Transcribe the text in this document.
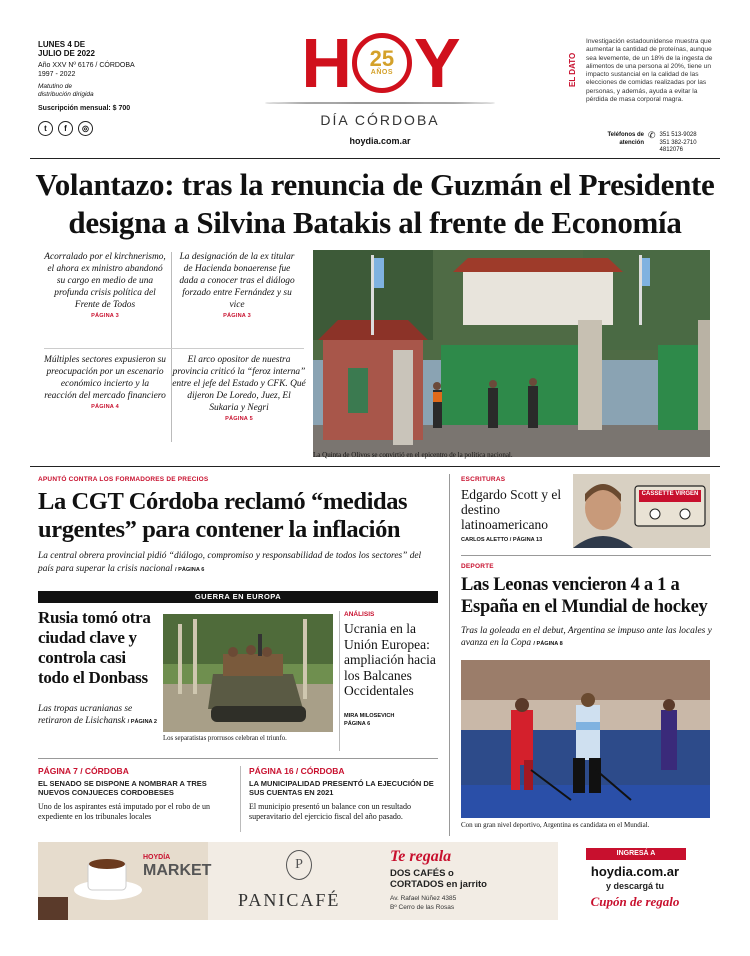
LUNES 4 DE
JULIO DE 2022
Año XXV Nº 6176 / CÓRDOBA
1997 - 2022
Matutino de
distribución dirigida
Suscripción mensual: $ 700
t	f	◎
H 25
AÑOS Y
DÍA CÓRDOBA
hoydia.com.ar
EL DATO
Investigación estadounidense muestra que aumentar la cantidad de proteínas, aunque sea levemente, de un 18% de la ingesta de alimentos de una persona al 20%, tiene un impacto sustancial en la calidad de las elecciones de comidas realizadas por las personas, y además, ayuda a evitar la pérdida de masa corporal magra.
Teléfonos de atención
✆ 351 513-9028
351 382-2710
4812076
Volantazo: tras la renuncia de Guzmán el Presidente
designa a Silvina Batakis al frente de Economía
Acorralado por el kirchnerismo, el ahora ex ministro abandonó su cargo en medio de una profunda crisis política del Frente de Todos
PÁGINA 3
La designación de la ex titular de Hacienda bonaerense fue dada a conocer tras el diálogo forzado entre Fernández y su vice
PÁGINA 3
Múltiples sectores expusieron su preocupación por un escenario económico incierto y la reacción del mercado financiero
PÁGINA 4
El arco opositor de nuestra provincia criticó la “feroz interna” entre el jefe del Estado y CFK. Qué dijeron De Loredo, Juez, El Sukaria y Negri
PÁGINA 5
La Quinta de Olivos se convirtió en el epicentro de la política nacional.
APUNTÓ CONTRA LOS FORMADORES DE PRECIOS
La CGT Córdoba reclamó “medidas urgentes” para contener la inflación
La central obrera provincial pidió “diálogo, compromiso y responsabilidad de todos los sectores” del país para superar la crisis nacional / PÁGINA 6
GUERRA EN EUROPA
Rusia tomó otra ciudad clave y controla casi todo el Donbass
Las tropas ucranianas se retiraron de Lisichansk / PÁGINA 2
Los separatistas prorrusos celebran el triunfo.
ANÁLISIS
Ucrania en la Unión Europea: ampliación hacia los Balcanes Occidentales
MIRA MILOSEVICH
PÁGINA 6
PÁGINA 7 / CÓRDOBA
EL SENADO SE DISPONE A NOMBRAR A TRES NUEVOS CONJUECES CORDOBESES
Uno de los aspirantes está imputado por el robo de un expediente en los tribunales locales
PÁGINA 16 / CÓRDOBA
LA MUNICIPALIDAD PRESENTÓ LA EJECUCIÓN DE SUS CUENTAS EN 2021
El municipio presentó un balance con un resultado superavitario del ejercicio fiscal del año pasado.
ESCRITURAS
Edgardo Scott y el destino latinoamericano
CARLOS ALETTO / PÁGINA 13
CASSETTE VIRGEN
DEPORTE
Las Leonas vencieron 4 a 1 a España en el Mundial de hockey
Tras la goleada en el debut, Argentina se impuso ante las locales y avanza en la Copa / PÁGINA 8
Con un gran nivel deportivo, Argentina es candidata en el Mundial.
HOYDÍA
MARKET	P
PANICAFÉ
Te regala
DOS CAFÉS o
CORTADOS en jarrito
Av. Rafael Núñez 4385
Bº Cerro de las Rosas
INGRESÁ A
hoydia.com.ar
y descargá tu
Cupón de regalo
